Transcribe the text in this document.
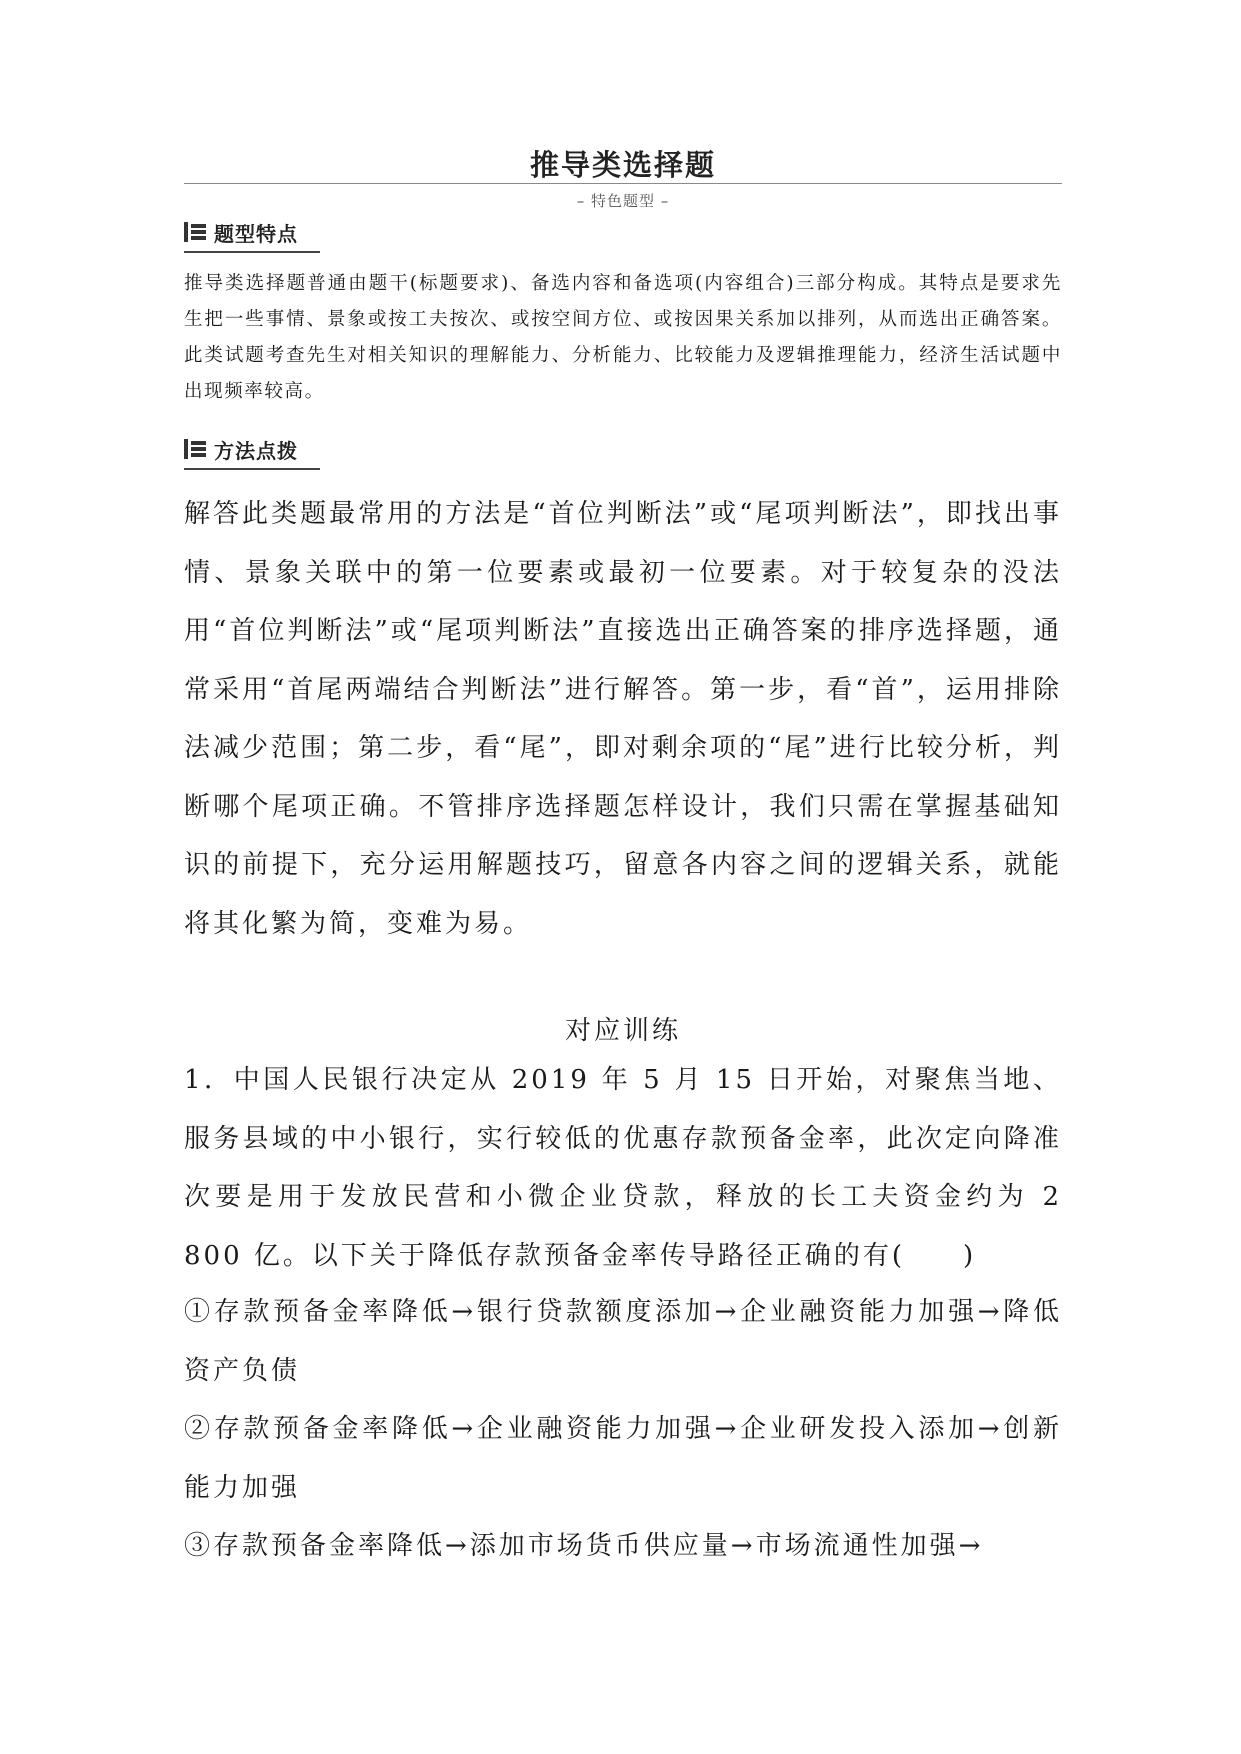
推导类选择题
– 特色题型 –
题型特点

推导类选择题普通由题干(标题要求)、备选内容和备选项(内容组合)三部分构成。其特点是要求先生把一些事情、景象或按工夫按次、或按空间方位、或按因果关系加以排列，从而选出正确答案。此类试题考查先生对相关知识的理解能力、分析能力、比较能力及逻辑推理能力，经济生活试题中出现频率较高。

方法点拨

解答此类题最常用的方法是“首位判断法”或“尾项判断法”，即找出事情、景象关联中的第一位要素或最初一位要素。对于较复杂的没法用“首位判断法”或“尾项判断法”直接选出正确答案的排序选择题，通常采用“首尾两端结合判断法”进行解答。第一步，看“首”，运用排除法减少范围；第二步，看“尾”，即对剩余项的“尾”进行比较分析，判断哪个尾项正确。不管排序选择题怎样设计，我们只需在掌握基础知识的前提下，充分运用解题技巧，留意各内容之间的逻辑关系，就能将其化繁为简，变难为易。

对应训练

1．中国人民银行决定从 2019 年 5 月 15 日开始，对聚焦当地、服务县域的中小银行，实行较低的优惠存款预备金率，此次定向降准次要是用于发放民营和小微企业贷款，释放的长工夫资金约为 2 800 亿。以下关于降低存款预备金率传导路径正确的有(　　)

①存款预备金率降低→银行贷款额度添加→企业融资能力加强→降低资产负债

②存款预备金率降低→企业融资能力加强→企业研发投入添加→创新能力加强

③存款预备金率降低→添加市场货币供应量→市场流通性加强→
